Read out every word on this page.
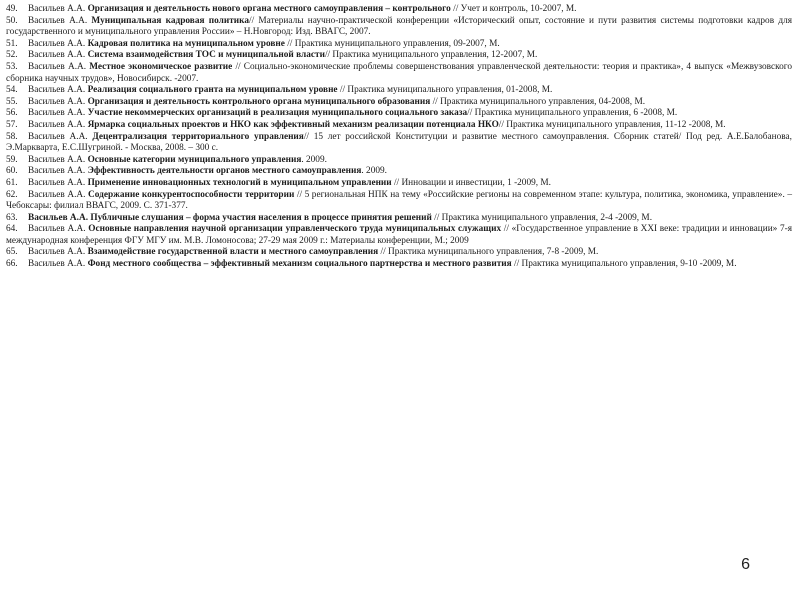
49. Васильев А.А. Организация и деятельность нового органа местного самоуправления – контрольного // Учет и контроль, 10-2007, М.

50. Васильев А.А. Муниципальная кадровая политика// Материалы научно-практической конференции «Исторический опыт, состояние и пути развития системы подготовки кадров для государственного и муниципального управления России» – Н.Новгород: Изд. ВВАГС, 2007.

51. Васильев А.А. Кадровая политика на муниципальном уровне // Практика муниципального управления, 09-2007, М.

52. Васильев А.А. Система взаимодействия ТОС и муниципальной власти// Практика муниципального управления, 12-2007, М.

53. Васильев А.А. Местное экономическое развитие // Социально-экономические проблемы совершенствования управленческой деятельности: теория и практика», 4 выпуск «Межвузовского сборника научных трудов», Новосибирск. -2007.

54. Васильев А.А. Реализация социального гранта на муниципальном уровне // Практика муниципального управления, 01-2008, М.

55. Васильев А.А. Организация и деятельность контрольного органа муниципального образования // Практика муниципального управления, 04-2008, М.

56. Васильев А.А. Участие некоммерческих организаций в реализация муниципального социального заказа// Практика муниципального управления, 6 -2008, М.

57. Васильев А.А. Ярмарка социальных проектов и НКО как эффективный механизм реализации потенциала НКО// Практика муниципального управления, 11-12 -2008, М.

58. Васильев А.А. Децентрализация территориального управления// 15 лет российской Конституции и развитие местного самоуправления. Сборник статей/ Под ред. А.Е.Балобанова, Э.Маркварта, Е.С.Шугриной. - Москва, 2008. – 300 с.

59. Васильев А.А. Основные категории муниципального управления. 2009.

60. Васильев А.А. Эффективность деятельности органов местного самоуправления. 2009.

61. Васильев А.А. Применение инновационных технологий в муниципальном управлении // Инновации и инвестиции, 1 -2009, М.

62. Васильев А.А. Содержание конкурентоспособности территории // 5 региональная НПК на тему «Российские регионы на современном этапе: культура, политика, экономика, управление». – Чебоксары: филиал ВВАГС, 2009. С. 371-377.

63. Васильев А.А. Публичные слушания – форма участия населения в процессе принятия решений // Практика муниципального управления, 2-4 -2009, М.

64. Васильев А.А. Основные направления научной организации управленческого труда муниципальных служащих // «Государственное управление в XXI веке: традиции и инновации» 7-я международная конференция ФГУ МГУ им. М.В. Ломоносова; 27-29 мая 2009 г.: Материалы конференции, М.; 2009

65. Васильев А.А. Взаимодействие государственной власти и местного самоуправления // Практика муниципального управления, 7-8 -2009, М.

66. Васильев А.А. Фонд местного сообщества – эффективный механизм социального партнерства и местного развития // Практика муниципального управления, 9-10 -2009, М.

6
